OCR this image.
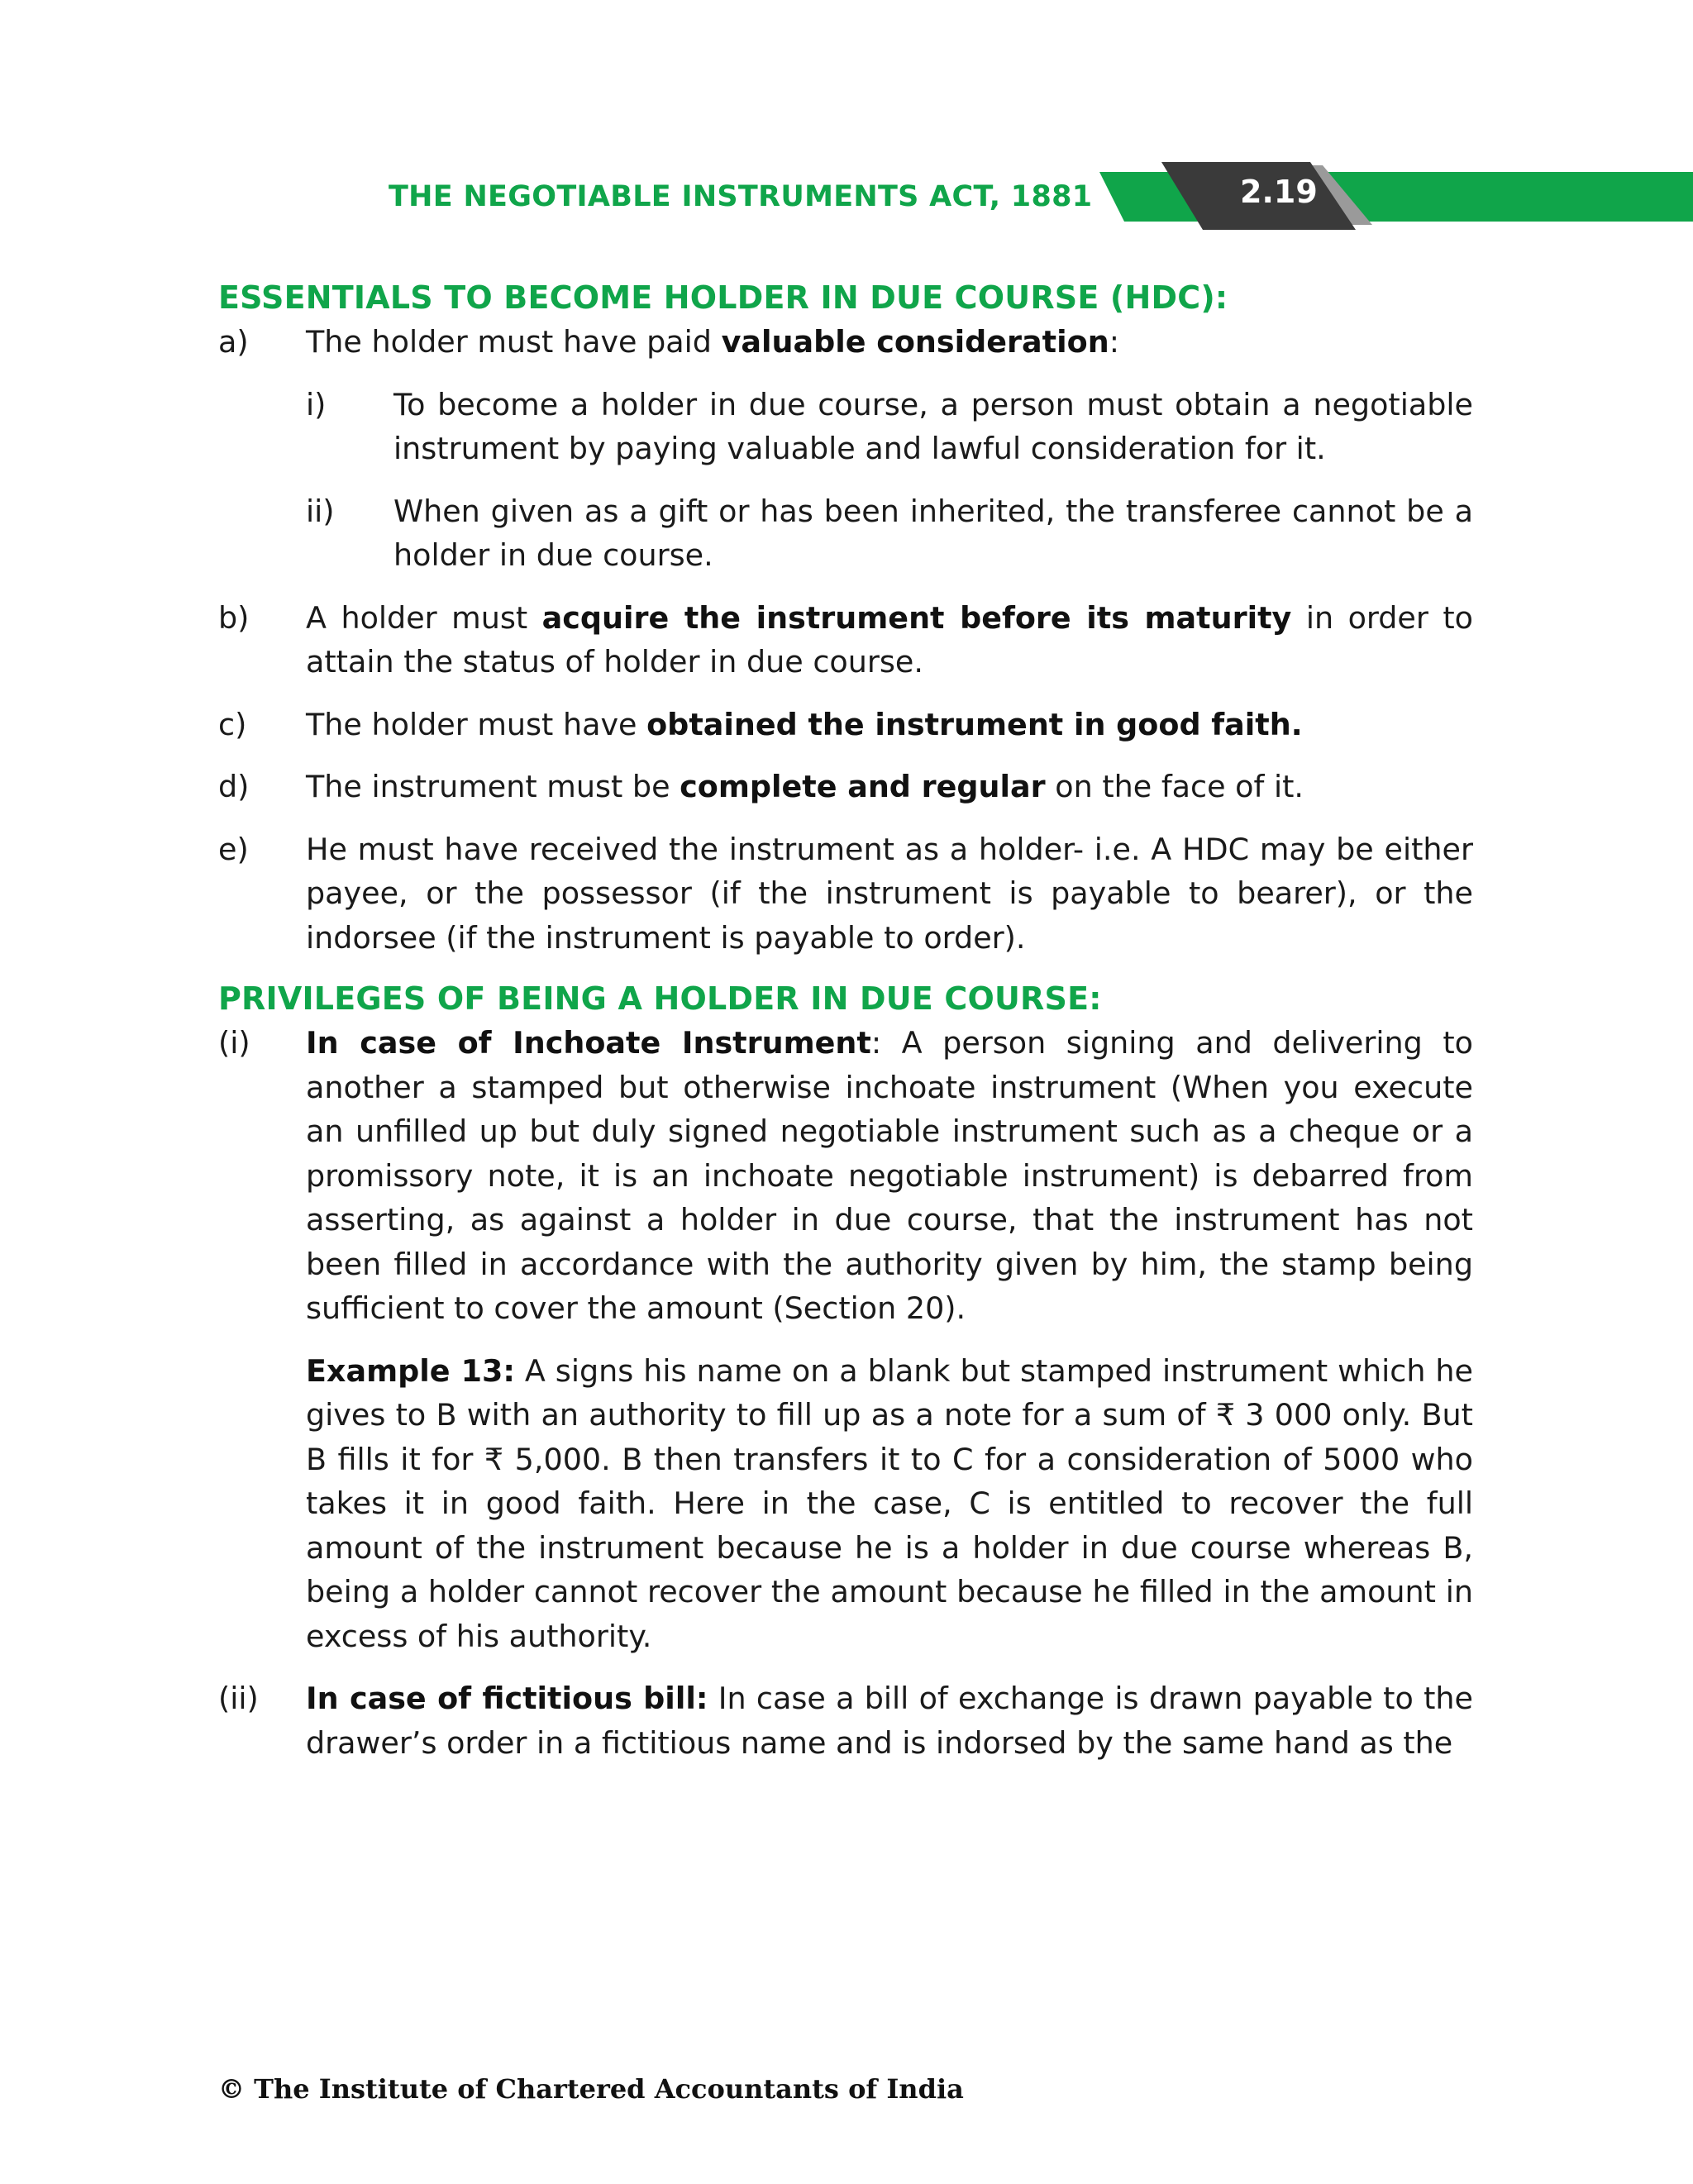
THE NEGOTIABLE INSTRUMENTS ACT, 1881	2.19
ESSENTIALS TO BECOME HOLDER IN DUE COURSE (HDC):
a)	The holder must have paid valuable consideration:
i)	To become a holder in due course, a person must obtain a negotiable instrument by paying valuable and lawful consideration for it.
ii)	When given as a gift or has been inherited, the transferee cannot be a holder in due course.
b)	A holder must acquire the instrument before its maturity in order to attain the status of holder in due course.
c)	The holder must have obtained the instrument in good faith.
d)	The instrument must be complete and regular on the face of it.
e)	He must have received the instrument as a holder- i.e. A HDC may be either payee, or the possessor (if the instrument is payable to bearer), or the indorsee (if the instrument is payable to order).
PRIVILEGES OF BEING A HOLDER IN DUE COURSE:
(i)	In case of Inchoate Instrument: A person signing and delivering to another a stamped but otherwise inchoate instrument (When you execute an unfilled up but duly signed negotiable instrument such as a cheque or a promissory note, it is an inchoate negotiable instrument) is debarred from asserting, as against a holder in due course, that the instrument has not been filled in accordance with the authority given by him, the stamp being sufficient to cover the amount (Section 20).
Example 13: A signs his name on a blank but stamped instrument which he gives to B with an authority to fill up as a note for a sum of ₹ 3 000 only. But B fills it for ₹ 5,000. B then transfers it to C for a consideration of 5000 who takes it in good faith. Here in the case, C is entitled to recover the full amount of the instrument because he is a holder in due course whereas B, being a holder cannot recover the amount because he filled in the amount in excess of his authority.
(ii)	In case of fictitious bill: In case a bill of exchange is drawn payable to the drawer’s order in a fictitious name and is indorsed by the same hand as the
© The Institute of Chartered Accountants of India
